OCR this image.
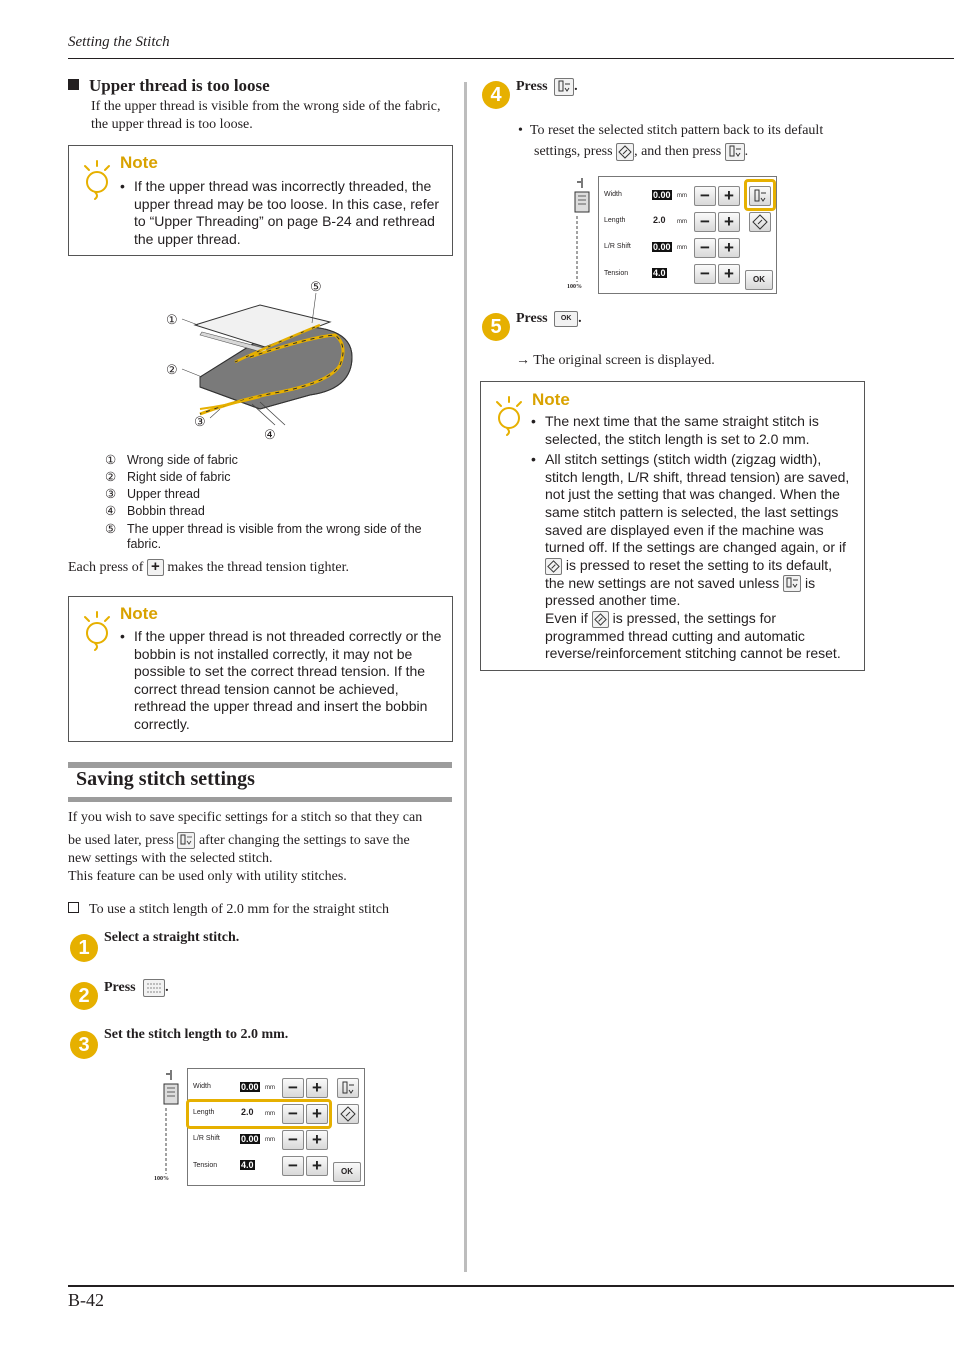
Setting the Stitch
Upper thread is too loose
If the upper thread is visible from the wrong side of the fabric, the upper thread is too loose.
Note
• If the upper thread was incorrectly threaded, the upper thread may be too loose. In this case, refer to “Upper Threading” on page B-24 and rethread the upper thread.
①
②
③
④
⑤
① Wrong side of fabric
② Right side of fabric
③ Upper thread
④ Bobbin thread
⑤ The upper thread is visible from the wrong side of the fabric.
Each press of + makes the thread tension tighter.
Note
• If the upper thread is not threaded correctly or the bobbin is not installed correctly, it may not be possible to set the correct thread tension. If the correct thread tension cannot be achieved, rethread the upper thread and insert the bobbin correctly.
Saving stitch settings
If you wish to save specific settings for a stitch so that they can
be used later, press after changing the settings to save the
new settings with the selected stitch.
This feature can be used only with utility stitches.
To use a stitch length of 2.0 mm for the straight stitch
1	Select a straight stitch.
2	Press .
3	Set the stitch length to 2.0 mm.
100%
Width	0.00 mm − +
Length	2.0 mm − +
L/R Shift 0.00 mm − +
Tension	4.0	− +	OK
4	Press .
•  To reset the selected stitch pattern back to its default
settings, press , and then press .
100%
Width	0.00 mm − +
Length	2.0 mm − +
L/R Shift 0.00 mm − +
Tension	4.0	− +	OK
5	Press OK .
→ The original screen is displayed.
Note
• The next time that the same straight stitch is selected, the stitch length is set to 2.0 mm.
• All stitch settings (stitch width (zigzag width), stitch length, L/R shift, thread tension) are saved, not just the setting that was changed. When the same stitch pattern is selected, the last settings saved are displayed even if the machine was turned off. If the settings are changed again, or if
is pressed to reset the setting to its default,
the new settings are not saved unless is
pressed another time.
Even if is pressed, the settings for
programmed thread cutting and automatic reverse/reinforcement stitching cannot be reset.
B-42
